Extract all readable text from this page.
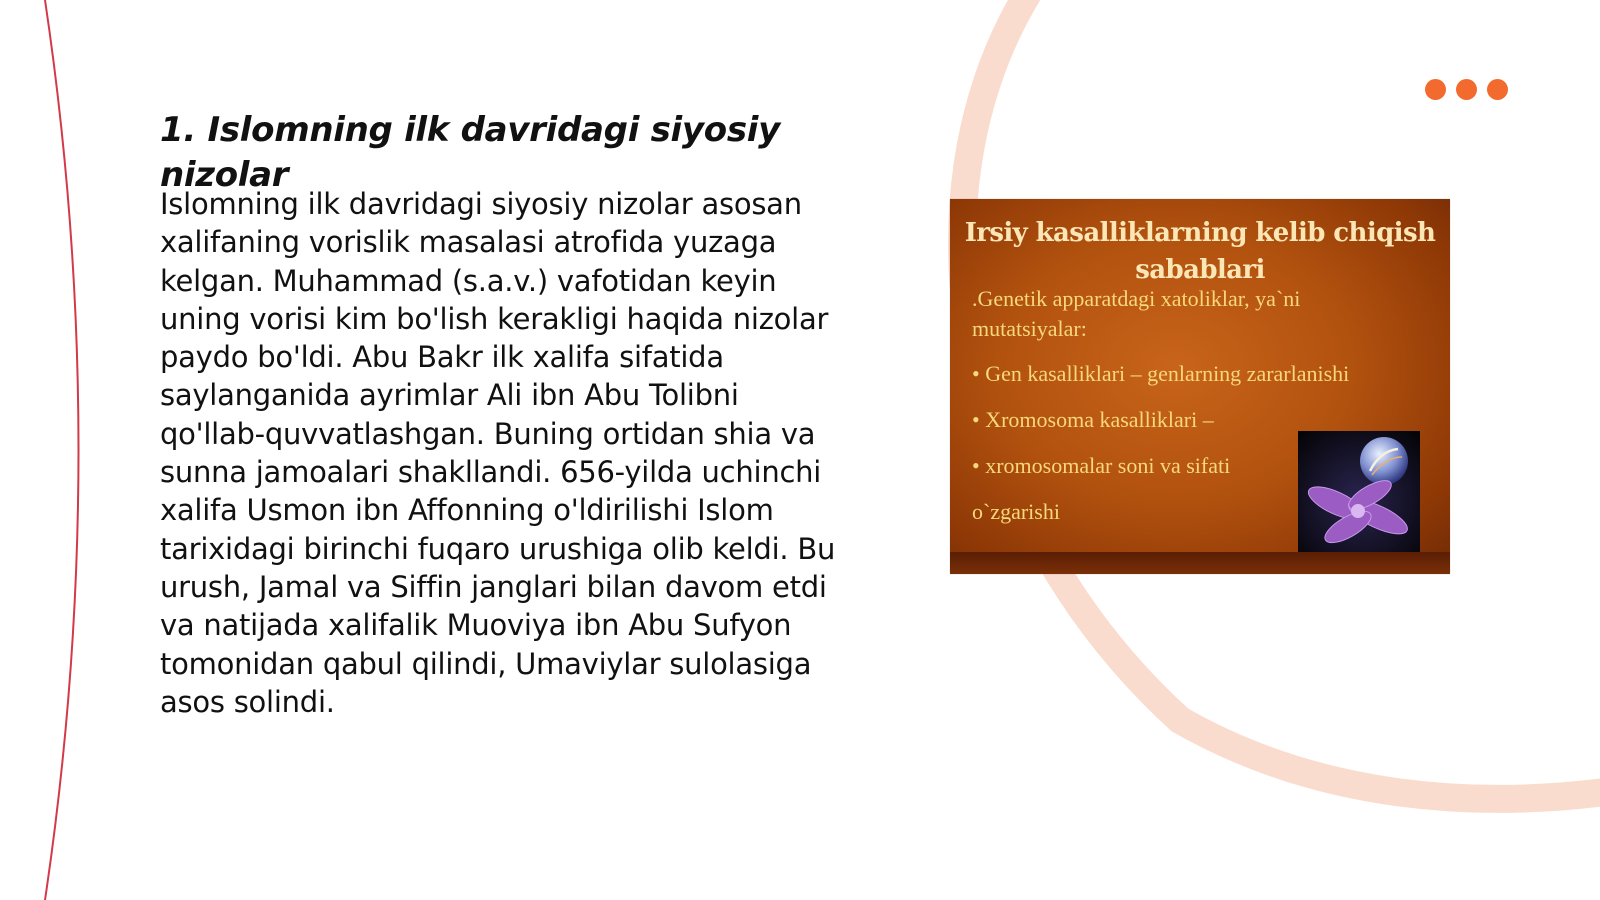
1. Islomning ilk davridagi siyosiy nizolar

Islomning ilk davridagi siyosiy nizolar asosan xalifaning vorislik masalasi atrofida yuzaga kelgan. Muhammad (s.a.v.) vafotidan keyin uning vorisi kim bo'lish kerakligi haqida nizolar paydo bo'ldi. Abu Bakr ilk xalifa sifatida saylanganida ayrimlar Ali ibn Abu Tolibni qo'llab-quvvatlashgan. Buning ortidan shia va sunna jamoalari shakllandi. 656-yilda uchinchi xalifa Usmon ibn Affonning o'ldirilishi Islom tarixidagi birinchi fuqaro urushiga olib keldi. Bu urush, Jamal va Siffin janglari bilan davom etdi va natijada xalifalik Muoviya ibn Abu Sufyon tomonidan qabul qilindi, Umaviylar sulolasiga asos solindi.

Irsiy kasalliklarning kelib chiqish sabablari

.Genetik apparatdagi xatoliklar, ya`ni

mutatsiyalar:

• Gen kasalliklari – genlarning zararlanishi

• Xromosoma kasalliklari –

• xromosomalar soni va sifati

o`zgarishi
